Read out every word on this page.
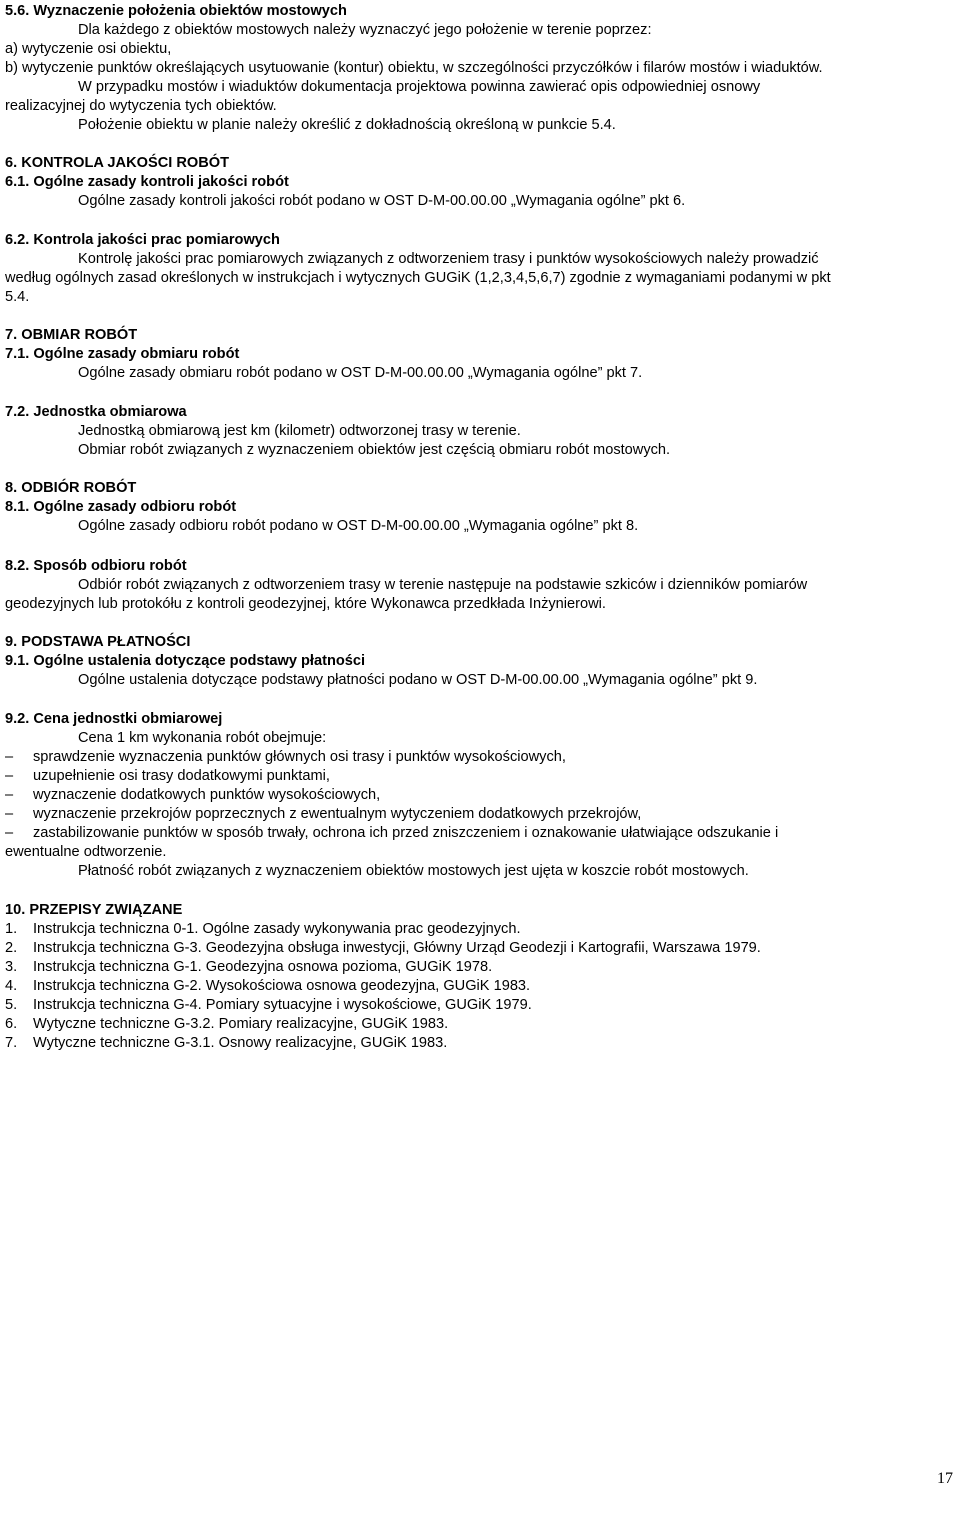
5.6. Wyznaczenie położenia obiektów mostowych
Dla każdego z obiektów mostowych należy wyznaczyć jego położenie w terenie poprzez:
a) wytyczenie osi obiektu,
b) wytyczenie punktów określających usytuowanie (kontur) obiektu, w szczególności przyczółków i filarów mostów i wiaduktów.
W przypadku mostów i wiaduktów dokumentacja projektowa powinna zawierać opis odpowiedniej osnowy
realizacyjnej do wytyczenia tych obiektów.
Położenie obiektu w planie należy określić z dokładnością określoną w punkcie 5.4.
6. KONTROLA JAKOŚCI ROBÓT
6.1. Ogólne zasady kontroli jakości robót
Ogólne zasady kontroli jakości robót podano w OST D-M-00.00.00 „Wymagania ogólne” pkt 6.
6.2. Kontrola jakości prac pomiarowych
Kontrolę jakości prac pomiarowych związanych z odtworzeniem trasy i punktów wysokościowych należy prowadzić
według ogólnych zasad określonych w instrukcjach i wytycznych GUGiK (1,2,3,4,5,6,7) zgodnie z wymaganiami podanymi w pkt
5.4.
7. OBMIAR ROBÓT
7.1. Ogólne zasady obmiaru robót
Ogólne zasady obmiaru robót podano w OST D-M-00.00.00 „Wymagania ogólne” pkt 7.
7.2. Jednostka obmiarowa
Jednostką obmiarową jest km (kilometr) odtworzonej trasy w terenie.
Obmiar robót związanych z wyznaczeniem obiektów jest częścią obmiaru robót mostowych.
8. ODBIÓR ROBÓT
8.1. Ogólne zasady odbioru robót
Ogólne zasady odbioru robót podano w OST D-M-00.00.00 „Wymagania ogólne” pkt 8.
8.2. Sposób odbioru robót
Odbiór robót związanych z odtworzeniem trasy w terenie następuje na podstawie szkiców i dzienników pomiarów
geodezyjnych lub protokółu z kontroli geodezyjnej, które Wykonawca przedkłada Inżynierowi.
9. PODSTAWA PŁATNOŚCI
9.1. Ogólne ustalenia dotyczące podstawy płatności
Ogólne ustalenia dotyczące podstawy płatności podano w OST D-M-00.00.00 „Wymagania ogólne” pkt 9.
9.2. Cena jednostki obmiarowej
Cena 1 km wykonania robót obejmuje:
–	sprawdzenie wyznaczenia punktów głównych osi trasy i punktów wysokościowych,
–	uzupełnienie osi trasy dodatkowymi punktami,
–	wyznaczenie dodatkowych punktów wysokościowych,
–	wyznaczenie przekrojów poprzecznych z ewentualnym wytyczeniem dodatkowych przekrojów,
–	zastabilizowanie punktów w sposób trwały, ochrona ich przed zniszczeniem i oznakowanie ułatwiające odszukanie i
ewentualne odtworzenie.
Płatność robót związanych z wyznaczeniem obiektów mostowych jest ujęta w koszcie robót mostowych.
10. PRZEPISY ZWIĄZANE
1. Instrukcja techniczna 0-1. Ogólne zasady wykonywania prac geodezyjnych.
2. Instrukcja techniczna G-3. Geodezyjna obsługa inwestycji, Główny Urząd Geodezji i Kartografii, Warszawa 1979.
3. Instrukcja techniczna G-1. Geodezyjna osnowa pozioma, GUGiK 1978.
4. Instrukcja techniczna G-2. Wysokościowa osnowa geodezyjna, GUGiK 1983.
5. Instrukcja techniczna G-4. Pomiary sytuacyjne i wysokościowe, GUGiK 1979.
6. Wytyczne techniczne G-3.2. Pomiary realizacyjne, GUGiK 1983.
7. Wytyczne techniczne G-3.1. Osnowy realizacyjne, GUGiK 1983.
17
